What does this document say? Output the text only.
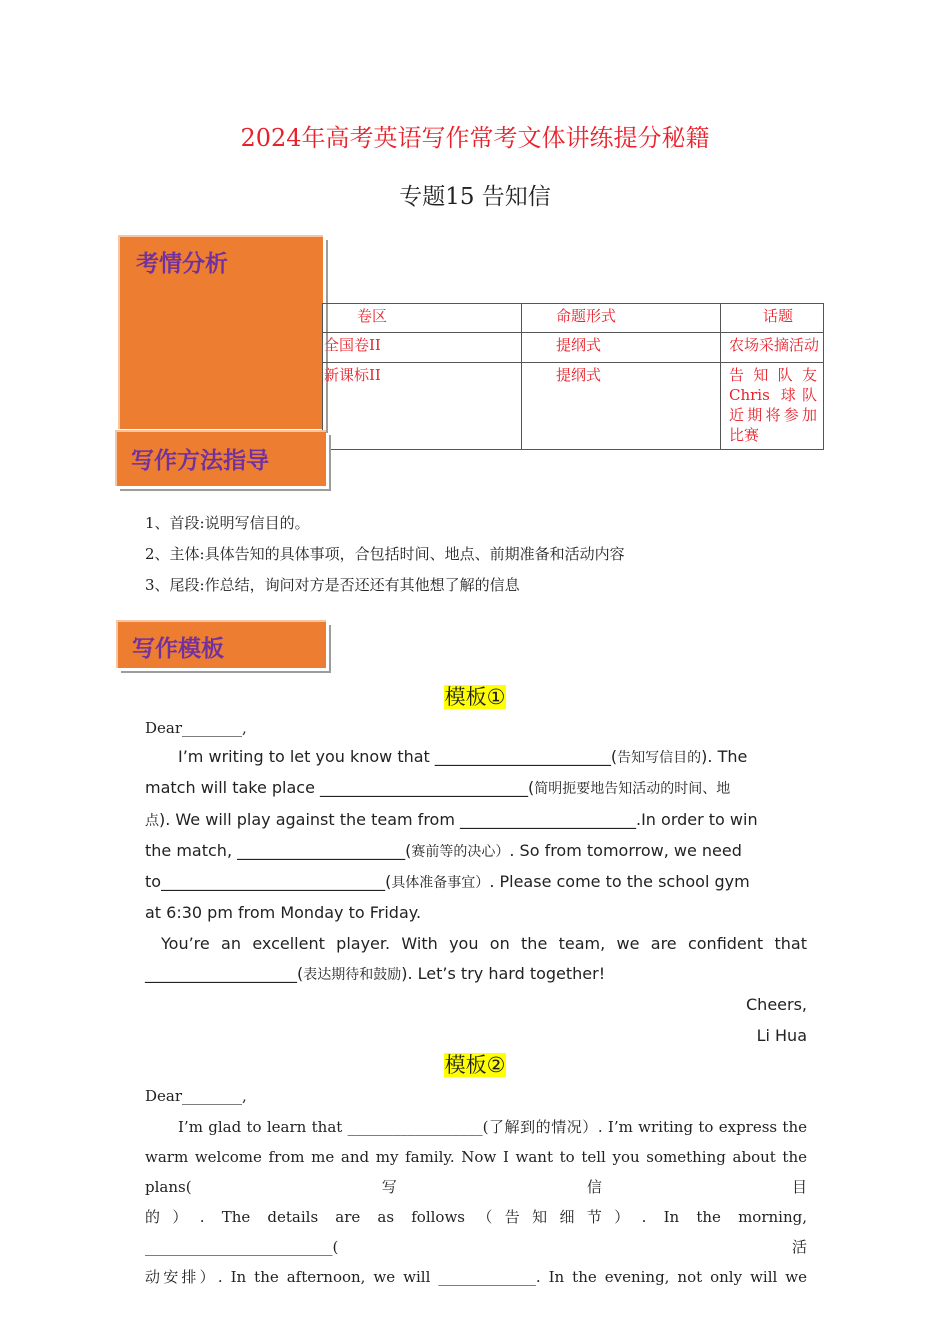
2024年高考英语写作常考文体讲练提分秘籍
专题15 告知信
考情分析
卷区	命题形式	话题
全国卷II	提纲式	农场采摘活动
新课标II	提纲式	告知队友 Chris 球队近期将参加比赛
写作方法指导
1、首段:说明写信目的。
2、主体:具体告知的具体事项，合包括时间、地点、前期准备和活动内容
3、尾段:作总结，询问对方是否还还有其他想了解的信息
写作模板
模板①
Dear________,
I’m writing to let you know that ______________________(告知写信目的). The
match will take place __________________________(简明扼要地告知活动的时间、地
点). We will play against the team from ______________________.In order to win
the match, _____________________(赛前等的决心）. So from tomorrow, we need
to____________________________(具体准备事宜）. Please come to the school gym
at 6:30 pm from Monday to Friday.
You’re an excellent player. With you on the team, we are confident that
___________________(表达期待和鼓励). Let’s try hard together!
Cheers,
Li Hua
模板②
Dear________,
I’m glad to learn that __________________(了解到的情况）. I’m writing to express the
warm welcome from me and my family. Now I want to tell you something about the plans(写信目
的）. The details are as follows（告知细节）. In the morning, _________________________(活
动安排）. In the afternoon, we will _____________. In the evening, not only will we
